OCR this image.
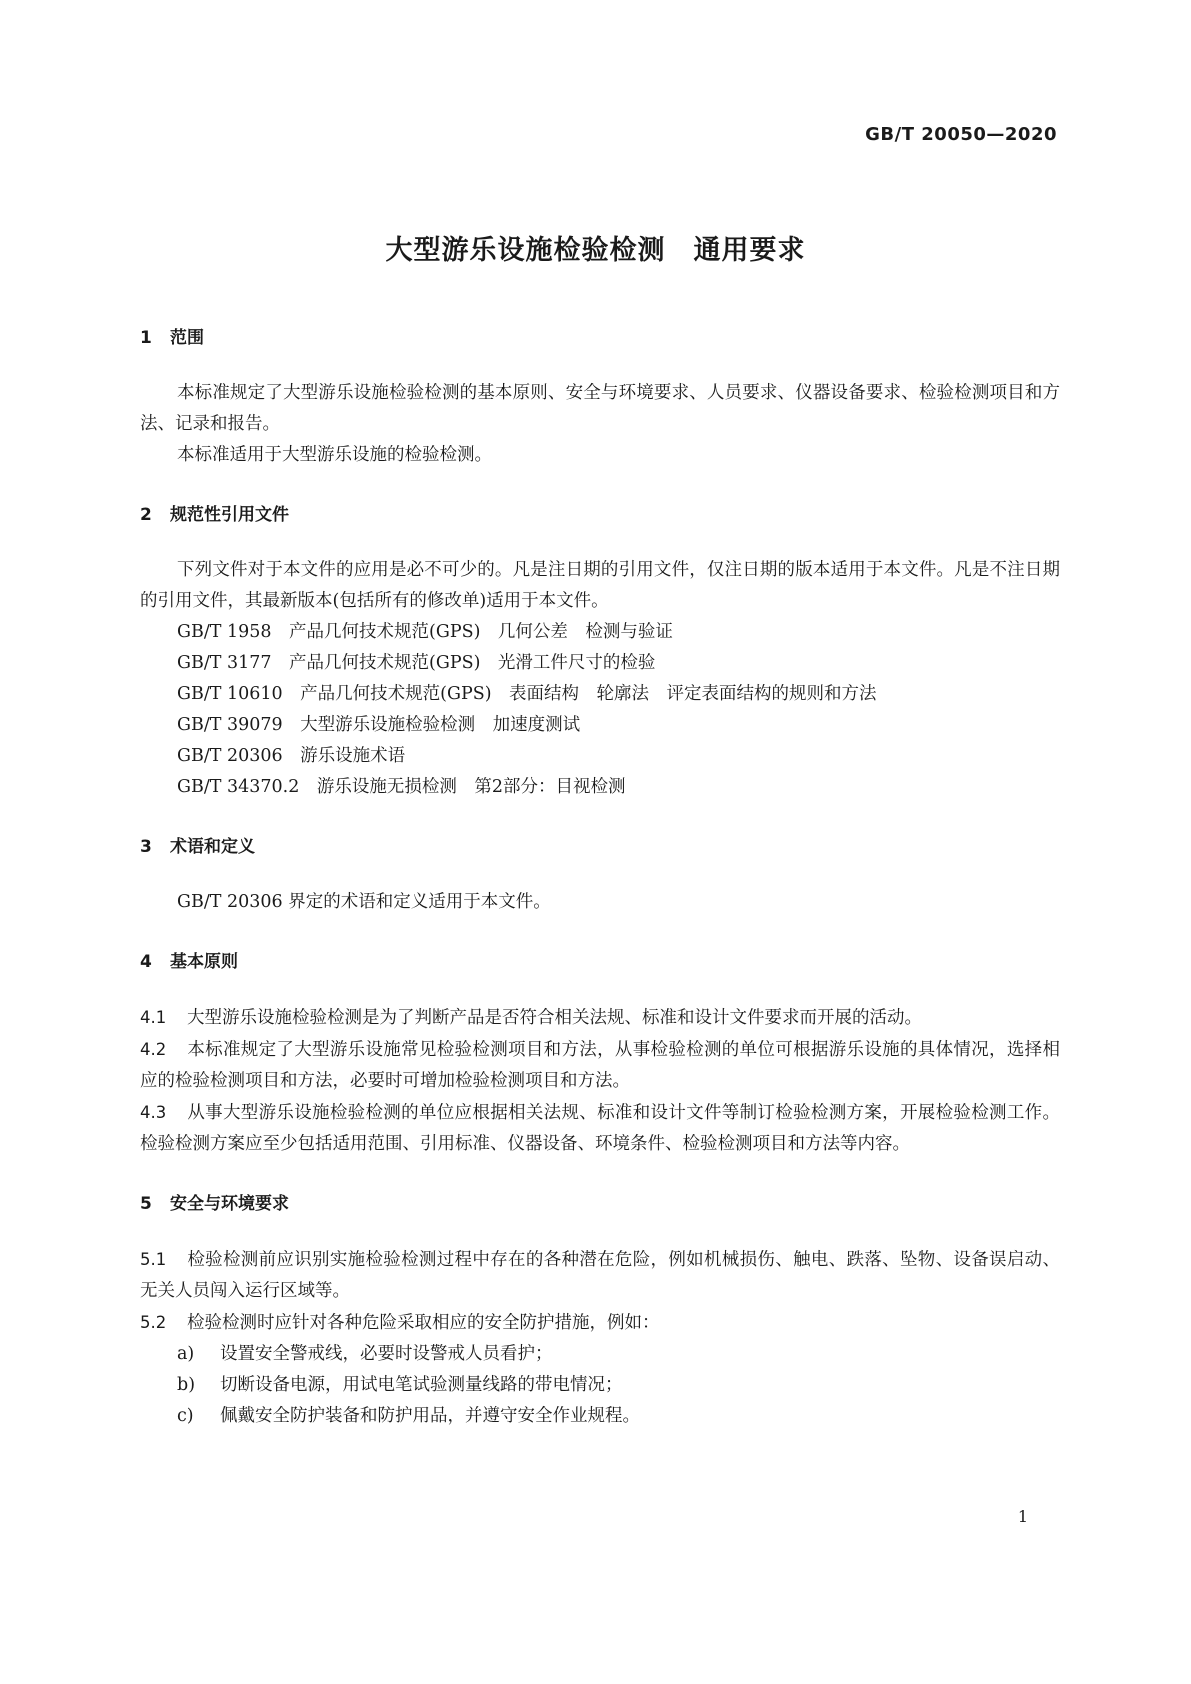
GB/T 20050—2020
大型游乐设施检验检测　通用要求
1 范围
本标准规定了大型游乐设施检验检测的基本原则、安全与环境要求、人员要求、仪器设备要求、检验检测项目和方法、记录和报告。
本标准适用于大型游乐设施的检验检测。
2 规范性引用文件
下列文件对于本文件的应用是必不可少的。凡是注日期的引用文件，仅注日期的版本适用于本文件。凡是不注日期的引用文件，其最新版本(包括所有的修改单)适用于本文件。
GB/T 1958　产品几何技术规范(GPS)　几何公差　检测与验证
GB/T 3177　产品几何技术规范(GPS)　光滑工件尺寸的检验
GB/T 10610　产品几何技术规范(GPS)　表面结构　轮廓法　评定表面结构的规则和方法
GB/T 39079　大型游乐设施检验检测　加速度测试
GB/T 20306　游乐设施术语
GB/T 34370.2　游乐设施无损检测　第2部分：目视检测
3 术语和定义
GB/T 20306 界定的术语和定义适用于本文件。
4 基本原则
4.1 大型游乐设施检验检测是为了判断产品是否符合相关法规、标准和设计文件要求而开展的活动。
4.2 本标准规定了大型游乐设施常见检验检测项目和方法，从事检验检测的单位可根据游乐设施的具体情况，选择相应的检验检测项目和方法，必要时可增加检验检测项目和方法。
4.3 从事大型游乐设施检验检测的单位应根据相关法规、标准和设计文件等制订检验检测方案，开展检验检测工作。检验检测方案应至少包括适用范围、引用标准、仪器设备、环境条件、检验检测项目和方法等内容。
5 安全与环境要求
5.1 检验检测前应识别实施检验检测过程中存在的各种潜在危险，例如机械损伤、触电、跌落、坠物、设备误启动、无关人员闯入运行区域等。
5.2 检验检测时应针对各种危险采取相应的安全防护措施，例如：
a) 设置安全警戒线，必要时设警戒人员看护；
b) 切断设备电源，用试电笔试验测量线路的带电情况；
c) 佩戴安全防护装备和防护用品，并遵守安全作业规程。
1
